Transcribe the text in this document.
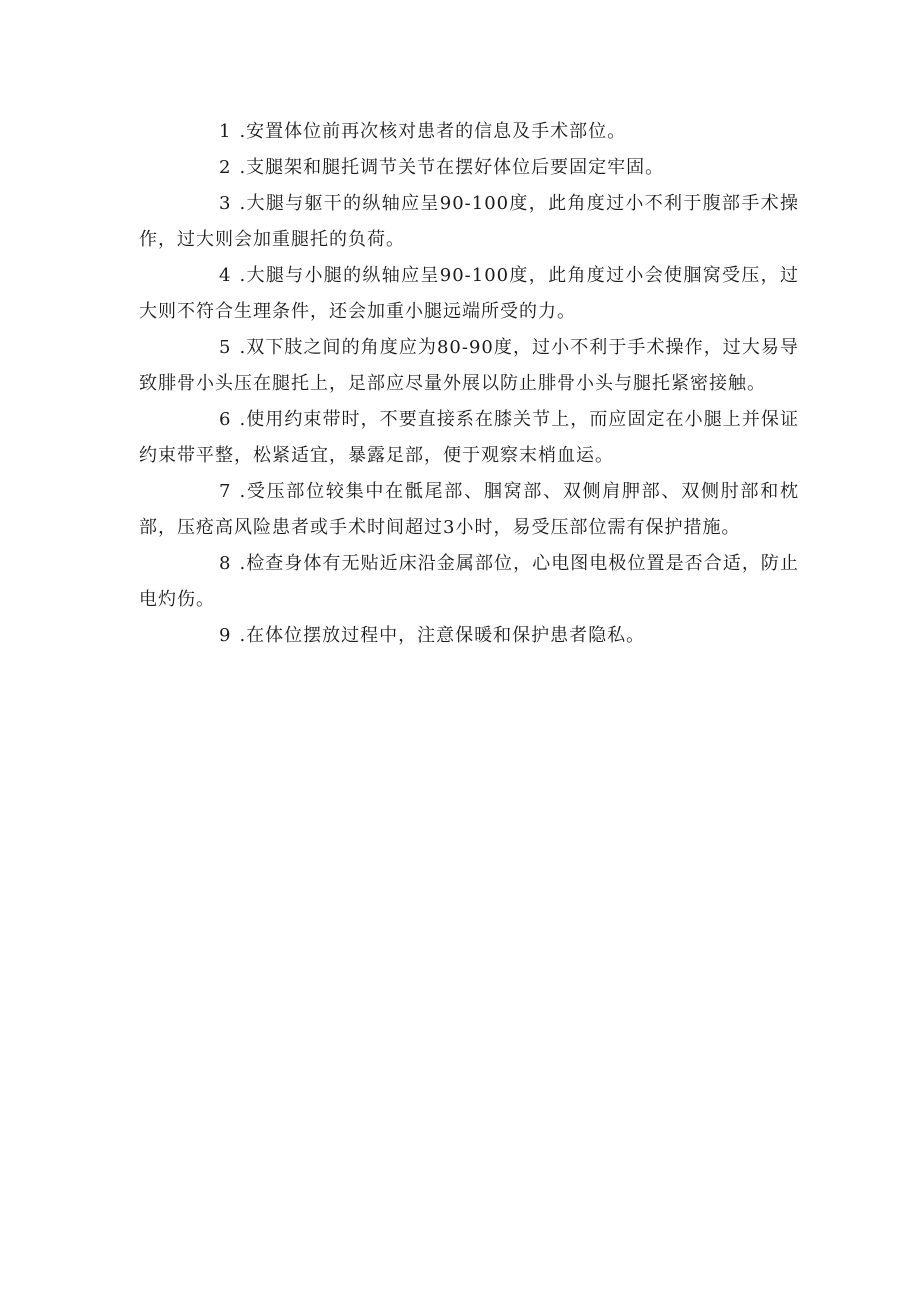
1 .安置体位前再次核对患者的信息及手术部位。

2 .支腿架和腿托调节关节在摆好体位后要固定牢固。

3 .大腿与躯干的纵轴应呈90-100度，此角度过小不利于腹部手术操作，过大则会加重腿托的负荷。

4 .大腿与小腿的纵轴应呈90-100度，此角度过小会使腘窝受压，过大则不符合生理条件，还会加重小腿远端所受的力。

5 .双下肢之间的角度应为80-90度，过小不利于手术操作，过大易导致腓骨小头压在腿托上，足部应尽量外展以防止腓骨小头与腿托紧密接触。

6 .使用约束带时，不要直接系在膝关节上，而应固定在小腿上并保证约束带平整，松紧适宜，暴露足部，便于观察末梢血运。

7 .受压部位较集中在骶尾部、腘窝部、双侧肩胛部、双侧肘部和枕部，压疮高风险患者或手术时间超过3小时，易受压部位需有保护措施。

8 .检查身体有无贴近床沿金属部位，心电图电极位置是否合适，防止电灼伤。

9 .在体位摆放过程中，注意保暖和保护患者隐私。
